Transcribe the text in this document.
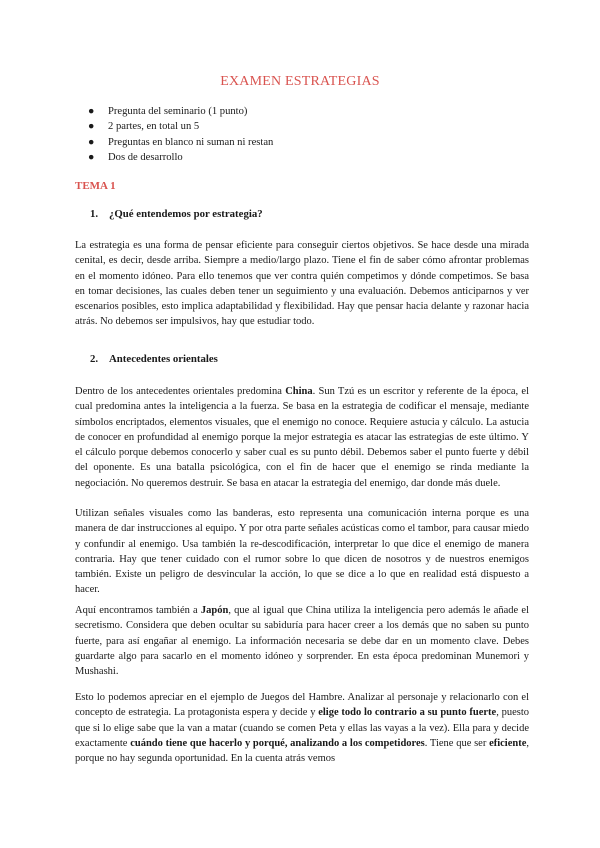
EXAMEN ESTRATEGIAS
● Pregunta del seminario (1 punto)
● 2 partes, en total un 5
● Preguntas en blanco ni suman ni restan
● Dos de desarrollo
TEMA 1
1. ¿Qué entendemos por estrategia?

La estrategia es una forma de pensar eficiente para conseguir ciertos objetivos. Se hace desde una mirada cenital, es decir, desde arriba. Siempre a medio/largo plazo. Tiene el fin de saber cómo afrontar problemas en el momento idóneo. Para ello tenemos que ver contra quién competimos y dónde competimos. Se basa en tomar decisiones, las cuales deben tener un seguimiento y una evaluación. Debemos anticiparnos y ver escenarios posibles, esto implica adaptabilidad y flexibilidad. Hay que pensar hacia delante y razonar hacia atrás. No debemos ser impulsivos, hay que estudiar todo.

2. Antecedentes orientales

Dentro de los antecedentes orientales predomina China. Sun Tzú es un escritor y referente de la época, el cual predomina antes la inteligencia a la fuerza. Se basa en la estrategia de codificar el mensaje, mediante símbolos encriptados, elementos visuales, que el enemigo no conoce. Requiere astucia y cálculo. La astucia de conocer en profundidad al enemigo porque la mejor estrategia es atacar las estrategias de este último. Y el cálculo porque debemos conocerlo y saber cual es su punto débil. Debemos saber el punto fuerte y débil del oponente. Es una batalla psicológica, con el fin de hacer que el enemigo se rinda mediante la negociación. No queremos destruir. Se basa en atacar la estrategia del enemigo, dar donde más duele.

Utilizan señales visuales como las banderas, esto representa una comunicación interna porque es una manera de dar instrucciones al equipo. Y por otra parte señales acústicas como el tambor, para causar miedo y confundir al enemigo. Usa también la re-descodificación, interpretar lo que dice el enemigo de manera contraria. Hay que tener cuidado con el rumor sobre lo que dicen de nosotros y de nuestros enemigos también. Existe un peligro de desvincular la acción, lo que se dice a lo que en realidad está dispuesto a hacer.

Aquí encontramos también a Japón, que al igual que China utiliza la inteligencia pero además le añade el secretismo. Considera que deben ocultar su sabiduría para hacer creer a los demás que no saben su punto fuerte, para así engañar al enemigo. La información necesaria se debe dar en un momento clave. Debes guardarte algo para sacarlo en el momento idóneo y sorprender. En esta época predominan Munemori y Mushashi.

Esto lo podemos apreciar en el ejemplo de Juegos del Hambre. Analizar al personaje y relacionarlo con el concepto de estrategia. La protagonista espera y decide y elige todo lo contrario a su punto fuerte, puesto que si lo elige sabe que la van a matar (cuando se comen Peta y ellas las vayas a la vez). Ella para y decide exactamente cuándo tiene que hacerlo y porqué, analizando a los competidores. Tiene que ser eficiente, porque no hay segunda oportunidad. En la cuenta atrás vemos
